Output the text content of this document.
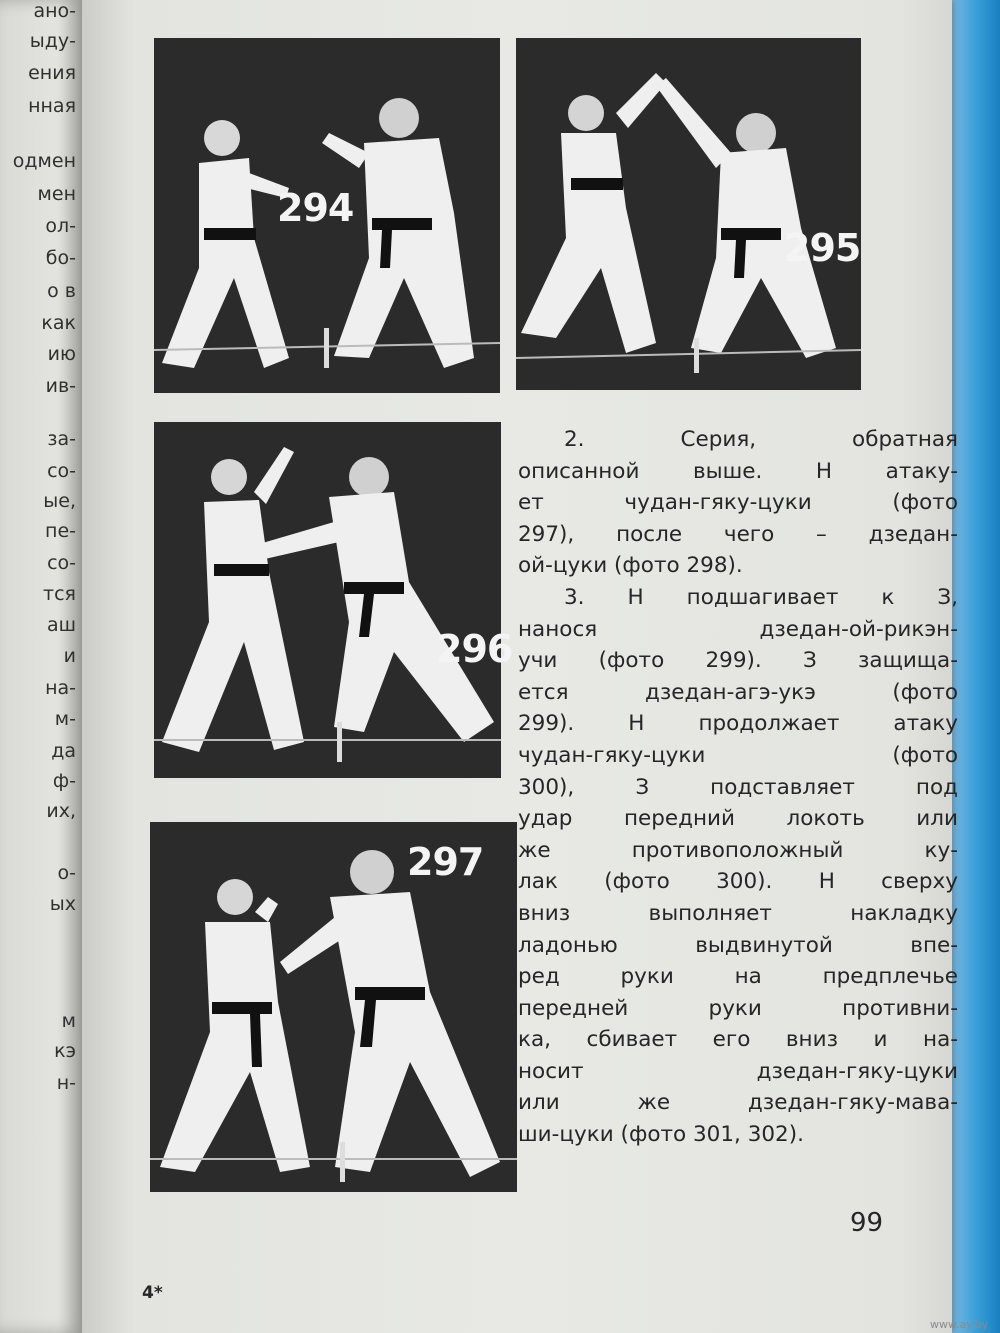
ано-
ыду-
ения
нная
одмен
мен
ол-
бо-
о в
как
ию
ив-
за-
со-
ые,
пе-
со-
тся
аш
и
на-
м-
да
ф-
их,
о-
ых
м
кэ
н-
294
295
296
297
2. Серия, обратная
описанной выше. Н атаку-
ет чудан-гяку-цуки (фото
297), после чего – дзедан-
ой-цуки (фото 298).
3. Н подшагивает к З,
нанося дзедан-ой-рикэн-
учи (фото 299). З защища-
ется дзедан-агэ-укэ (фото
299). Н продолжает атаку
чудан-гяку-цуки (фото
300), З подставляет под
удар передний локоть или
же противоположный ку-
лак (фото 300). Н сверху
вниз выполняет накладку
ладонью выдвинутой впе-
ред руки на предплечье
передней руки противни-
ка, сбивает его вниз и на-
носит дзедан-гяку-цуки
или же дзедан-гяку-мава-
ши-цуки (фото 301, 302).
99
4*
www.ay.by
